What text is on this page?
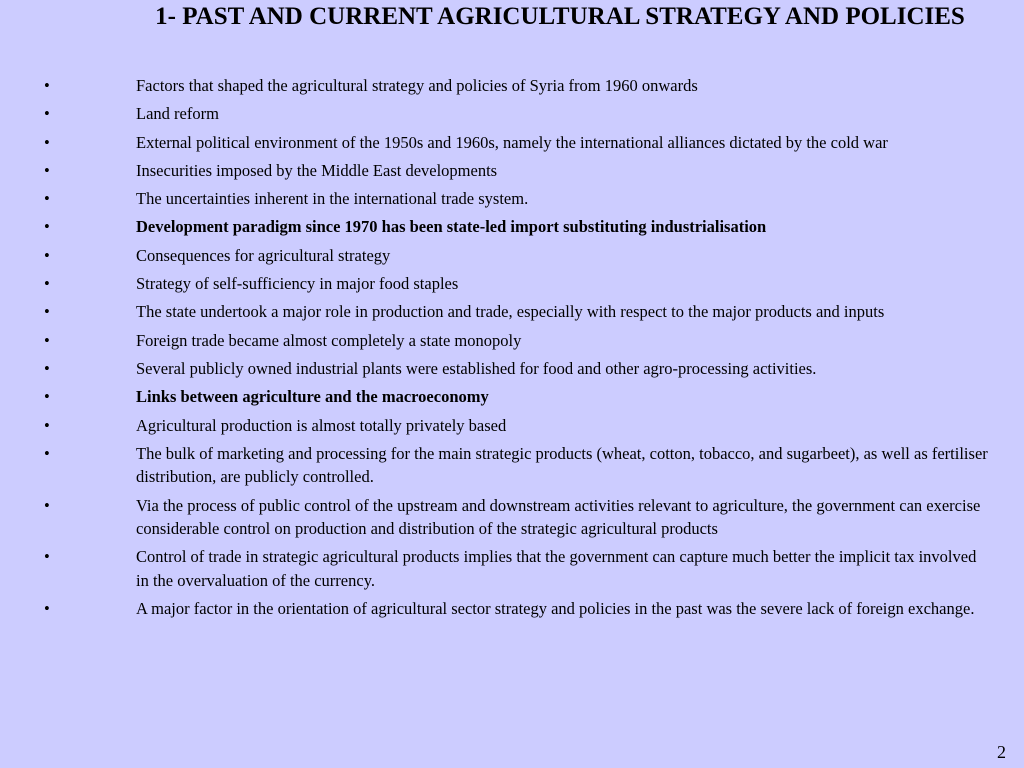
1- PAST AND CURRENT AGRICULTURAL STRATEGY AND POLICIES
•	Factors that shaped the agricultural strategy and policies of Syria from 1960 onwards
•	Land reform
•	External political environment of the 1950s and 1960s, namely the international alliances dictated by the cold war
•	Insecurities imposed by the Middle East developments
•	The uncertainties inherent in the international trade system.
•	Development paradigm since 1970 has been state-led import substituting industrialisation
•	Consequences for agricultural strategy
•	Strategy of self-sufficiency in major food staples
•	The state undertook a major role in production and trade, especially with respect to the major products and inputs
•	Foreign trade became almost completely a state monopoly
•	Several publicly owned industrial plants were established for food and other agro-processing activities.
•	Links between agriculture and the macroeconomy
•	Agricultural production is almost totally privately based
•	The bulk of marketing and processing for the main strategic products (wheat, cotton, tobacco, and sugarbeet), as well as fertiliser distribution, are publicly controlled.
•	Via the process of public control of the upstream and downstream activities relevant to agriculture, the government can exercise considerable control on production and distribution of the strategic agricultural products
•	Control of trade in strategic agricultural products implies that the government can capture much better the implicit tax involved in the overvaluation of the currency.
•	A major factor in the orientation of agricultural sector strategy and policies in the past was the severe lack of foreign exchange.
2
